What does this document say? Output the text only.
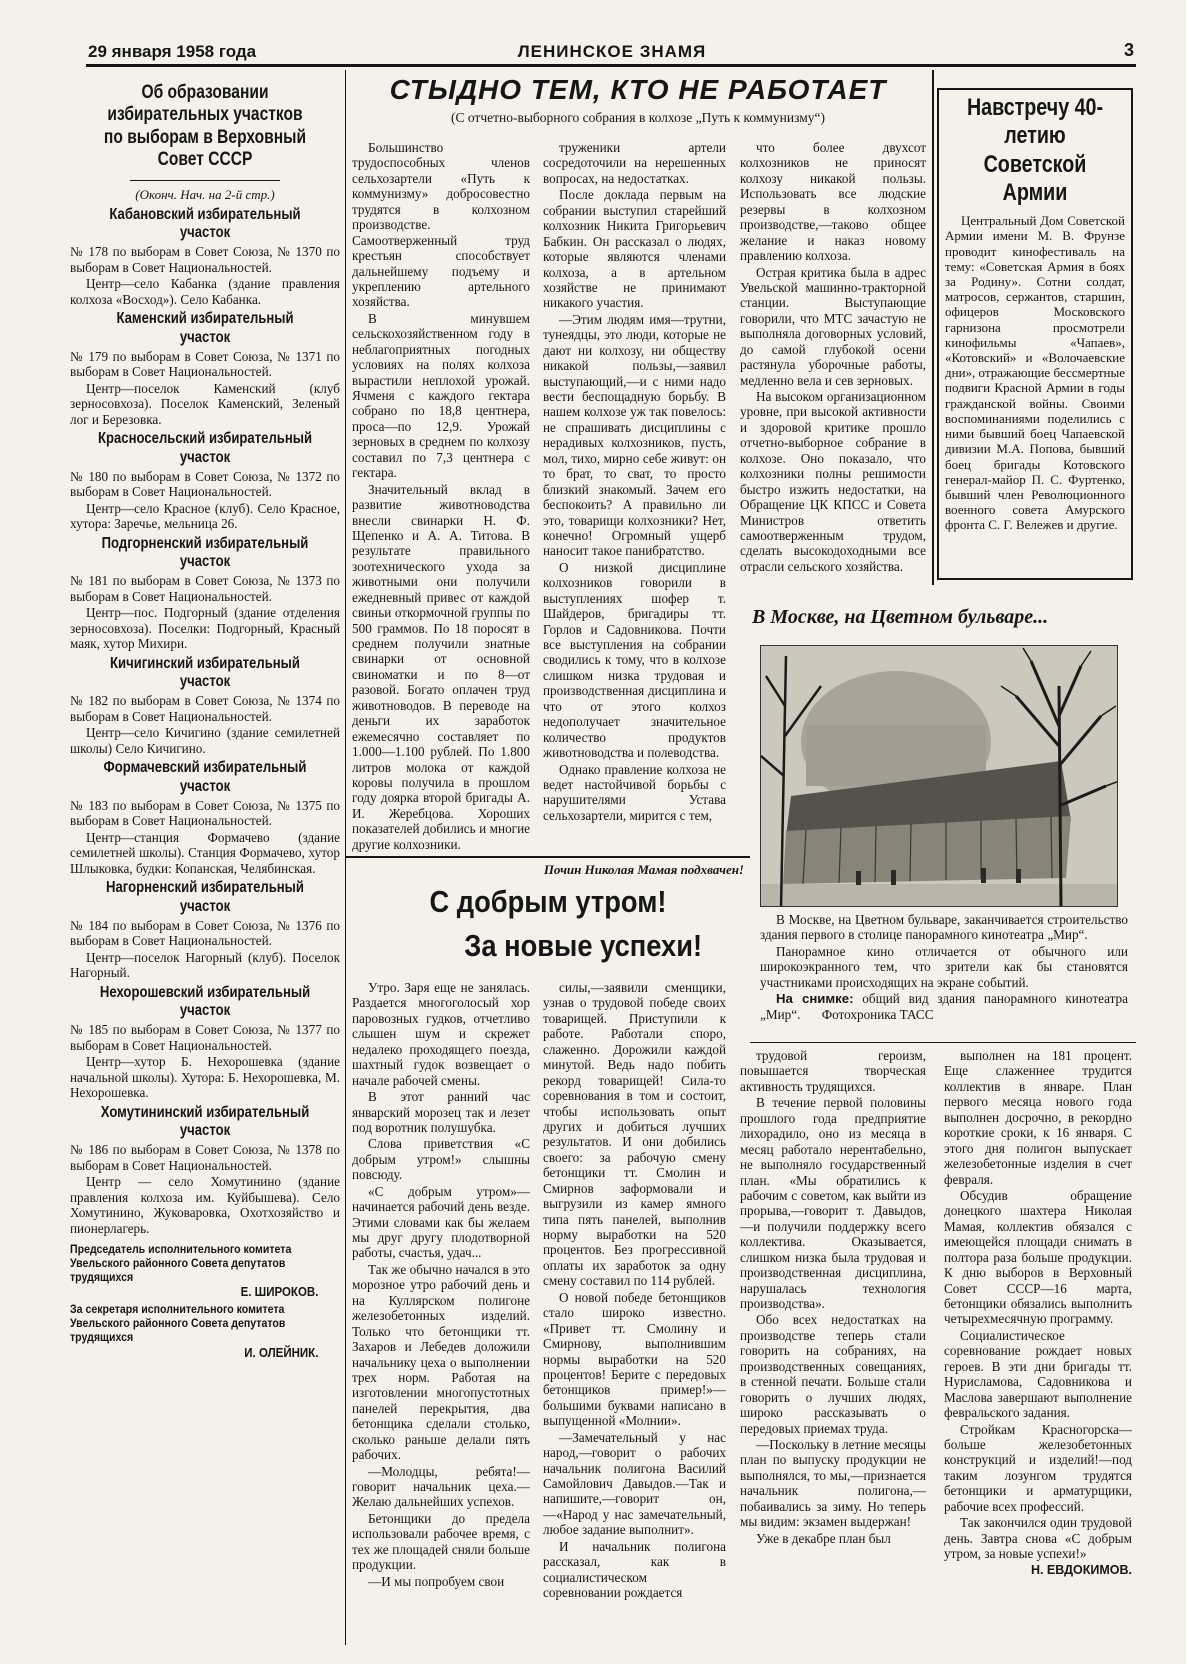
ЛЕНИНСКОЕ ЗНАМЯ
29 января 1958 года	3
Об образовании избирательных участков по выборам в Верховный Совет СССР
(Оконч. Нач. на 2-й стр.)
Кабановский избирательный участок

№ 178 по выборам в Совет Союза, № 1370 по выборам в Совет Национальностей.

Центр—село Кабанка (здание правления колхоза «Восход»). Село Кабанка.

Каменский избирательный участок

№ 179 по выборам в Совет Союза, № 1371 по выборам в Совет Национальностей.

Центр—поселок Каменский (клуб зерносовхоза). Поселок Каменский, Зеленый лог и Березовка.

Красносельский избирательный участок

№ 180 по выборам в Совет Союза, № 1372 по выборам в Совет Национальностей.

Центр—село Красное (клуб). Село Красное, хутора: Заречье, мельница 26.

Подгорненский избирательный участок

№ 181 по выборам в Совет Союза, № 1373 по выборам в Совет Национальностей.

Центр—пос. Подгорный (здание отделения зерносовхоза). Поселки: Подгорный, Красный маяк, хутор Михири.

Кичигинский избирательный участок

№ 182 по выборам в Совет Союза, № 1374 по выборам в Совет Национальностей.

Центр—село Кичигино (здание семилетней школы) Село Кичигино.

Формачевский избирательный участок

№ 183 по выборам в Совет Союза, № 1375 по выборам в Совет Национальностей.

Центр—станция Формачево (здание семилетней школы). Станция Формачево, хутор Шлыковка, будки: Копанская, Челябинская.

Нагорненский избирательный участок

№ 184 по выборам в Совет Союза, № 1376 по выборам в Совет Национальностей.

Центр—поселок Нагорный (клуб). Поселок Нагорный.

Нехорошевский избирательный участок

№ 185 по выборам в Совет Союза, № 1377 по выборам в Совет Национальностей.

Центр—хутор Б. Нехорошевка (здание начальной школы). Хутора: Б. Нехорошевка, М. Нехорошевка.

Хомутининский избирательный участок

№ 186 по выборам в Совет Союза, № 1378 по выборам в Совет Национальностей.

Центр — село Хомутинино (здание правления колхоза им. Куйбышева). Село Хомутинино, Жуковаровка, Охотхозяйство и пионерлагерь.

Председатель исполнительного комитета Увельского районного Совета депутатов трудящихся
Е. ШИРОКОВ.
За секретаря исполнительного комитета Увельского районного Совета депутатов трудящихся
И. ОЛЕЙНИК.
СТЫДНО ТЕМ, КТО НЕ РАБОТАЕТ
(С отчетно-выборного собрания в колхозе „Путь к коммунизму“)

Большинство трудоспособных членов сельхозартели «Путь к коммунизму» добросовестно трудятся в колхозном производстве. Самоотверженный труд крестьян способствует дальнейшему подъему и укреплению артельного хозяйства.

В минувшем сельскохозяйственном году в неблагоприятных погодных условиях на полях колхоза вырастили неплохой урожай. Ячменя с каждого гектара собрано по 18,8 центнера, проса—по 12,9. Урожай зерновых в среднем по колхозу составил по 7,3 центнера с гектара.

Значительный вклад в развитие животноводства внесли свинарки Н. Ф. Щепенко и А. А. Титова. В результате правильного зоотехнического ухода за животными они получили ежедневный привес от каждой свиньи откормочной группы по 500 граммов. По 18 поросят в среднем получили знатные свинарки от основной свиноматки и по 8—от разовой. Богато оплачен труд животноводов. В переводе на деньги их заработок ежемесячно составляет по 1.000—1.100 рублей. По 1.800 литров молока от каждой коровы получила в прошлом году доярка второй бригады А. И. Жеребцова. Хороших показателей добились и многие другие колхозники.

труженики артели сосредоточили на нерешенных вопросах, на недостатках.

После доклада первым на собрании выступил старейший колхозник Никита Григорьевич Бабкин. Он рассказал о людях, которые являются членами колхоза, а в артельном хозяйстве не принимают никакого участия.

—Этим людям имя—трутни, тунеядцы, это люди, которые не дают ни колхозу, ни обществу никакой пользы,—заявил выступающий,—и с ними надо вести беспощадную борьбу. В нашем колхозе уж так повелось: не спрашивать дисциплины с нерадивых колхозников, пусть, мол, тихо, мирно себе живут: он то брат, то сват, то просто близкий знакомый. Зачем его беспокоить? А правильно ли это, товарищи колхозники? Нет, конечно! Огромный ущерб наносит такое панибратство.

О низкой дисциплине колхозников говорили в выступлениях шофер т. Шайдеров, бригадиры тт. Горлов и Садовникова. Почти все выступления на собрании сводились к тому, что в колхозе слишком низка трудовая и производственная дисциплина и что от этого колхоз недополучает значительное количество продуктов животноводства и полеводства.

Однако правление колхоза не ведет настойчивой борьбы с нарушителями Устава сельхозартели, мирится с тем,

что более двухсот колхозников не приносят колхозу никакой пользы. Использовать все людские резервы в колхозном производстве,—таково общее желание и наказ новому правлению колхоза.

Острая критика была в адрес Увельской машинно-тракторной станции. Выступающие говорили, что МТС зачастую не выполняла договорных условий, до самой глубокой осени растянула уборочные работы, медленно вела и сев зерновых.

На высоком организационном уровне, при высокой активности и здоровой критике прошло отчетно-выборное собрание в колхозе. Оно показало, что колхозники полны решимости быстро изжить недостатки, на Обращение ЦК КПСС и Совета Министров ответить самоотверженным трудом, сделать высокодоходными все отрасли сельского хозяйства.

Навстречу 40-летию Советской Армии

Центральный Дом Советской Армии имени М. В. Фрунзе проводит кинофестиваль на тему: «Советская Армия в боях за Родину». Сотни солдат, матросов, сержантов, старшин, офицеров Московского гарнизона просмотрели кинофильмы «Чапаев», «Котовский» и «Волочаевские дни», отражающие бессмертные подвиги Красной Армии в годы гражданской войны. Своими воспоминаниями поделились с ними бывший боец Чапаевской дивизии М.А. Попова, бывший боец бригады Котовского генерал-майор П. С. Фуртенко, бывший член Революционного военного совета Амурского фронта С. Г. Вележев и другие.

В Москве, на Цветном бульваре...

В Москве, на Цветном бульваре, заканчивается строительство здания первого в столице панорамного кинотеатра „Мир“.

Панорамное кино отличается от обычного или широкоэкранного тем, что зрители как бы становятся участниками происходящих на экране событий.

На снимке: общий вид здания панорамного кинотеатра „Мир“. Фотохроника ТАСС

Почин Николая Мамая подхвачен!
С добрым утром!
За новые успехи!

Утро. Заря еще не занялась. Раздается многоголосый хор паровозных гудков, отчетливо слышен шум и скрежет недалеко проходящего поезда, шахтный гудок возвещает о начале рабочей смены.

В этот ранний час январский морозец так и лезет под воротник полушубка.

Слова приветствия «С добрым утром!» слышны повсюду.

«С добрым утром»—начинается рабочий день везде. Этими словами как бы желаем мы друг другу плодотворной работы, счастья, удач...

Так же обычно начался в это морозное утро рабочий день и на Куллярском полигоне железобетонных изделий. Только что бетонщики тт. Захаров и Лебедев доложили начальнику цеха о выполнении трех норм. Работая на изготовлении многопустотных панелей перекрытия, два бетонщика сделали столько, сколько раньше делали пять рабочих.

—Молодцы, ребята!—говорит начальник цеха.—Желаю дальнейших успехов.

Бетонщики до предела использовали рабочее время, с тех же площадей сняли больше продукции.

—И мы попробуем свои

силы,—заявили сменщики, узнав о трудовой победе своих товарищей. Приступили к работе. Работали споро, слаженно. Дорожили каждой минутой. Ведь надо побить рекорд товарищей! Сила-то соревнования в том и состоит, чтобы использовать опыт других и добиться лучших результатов. И они добились своего: за рабочую смену бетонщики тт. Смолин и Смирнов заформовали и выгрузили из камер ямного типа пять панелей, выполнив норму выработки на 520 процентов. Без прогрессивной оплаты их заработок за одну смену составил по 114 рублей.

О новой победе бетонщиков стало широко известно. «Привет тт. Смолину и Смирнову, выполнившим нормы выработки на 520 процентов! Берите с передовых бетонщиков пример!»—большими буквами написано в выпущенной «Молнии».

—Замечательный у нас народ,—говорит о рабочих начальник полигона Василий Самойлович Давыдов.—Так и напишите,—говорит он,—«Народ у нас замечательный, любое задание выполнит».

И начальник полигона рассказал, как в социалистическом соревновании рождается

трудовой героизм, повышается творческая активность трудящихся.

В течение первой половины прошлого года предприятие лихорадило, оно из месяца в месяц работало нерентабельно, не выполняло государственный план. «Мы обратились к рабочим с советом, как выйти из прорыва,—говорит т. Давыдов,—и получили поддержку всего коллектива. Оказывается, слишком низка была трудовая и производственная дисциплина, нарушалась технология производства».

Обо всех недостатках на производстве теперь стали говорить на собраниях, на производственных совещаниях, в стенной печати. Больше стали говорить о лучших людях, широко рассказывать о передовых приемах труда.

—Поскольку в летние месяцы план по выпуску продукции не выполнялся, то мы,—признается начальник полигона,—побаивались за зиму. Но теперь мы видим: экзамен выдержан!

Уже в декабре план был

выполнен на 181 процент. Еще слаженнее трудится коллектив в январе. План первого месяца нового года выполнен досрочно, в рекордно короткие сроки, к 16 января. С этого дня полигон выпускает железобетонные изделия в счет февраля.

Обсудив обращение донецкого шахтера Николая Мамая, коллектив обязался с имеющейся площади снимать в полтора раза больше продукции. К дню выборов в Верховный Совет СССР—16 марта, бетонщики обязались выполнить четырехмесячную программу.

Социалистическое соревнование рождает новых героев. В эти дни бригады тт. Нурисламова, Садовникова и Маслова завершают выполнение февральского задания.

Стройкам Красногорска—больше железобетонных конструкций и изделий!—под таким лозунгом трудятся бетонщики и арматурщики, рабочие всех профессий.

Так закончился один трудовой день. Завтра снова «С добрым утром, за новые успехи!»

Н. ЕВДОКИМОВ.
